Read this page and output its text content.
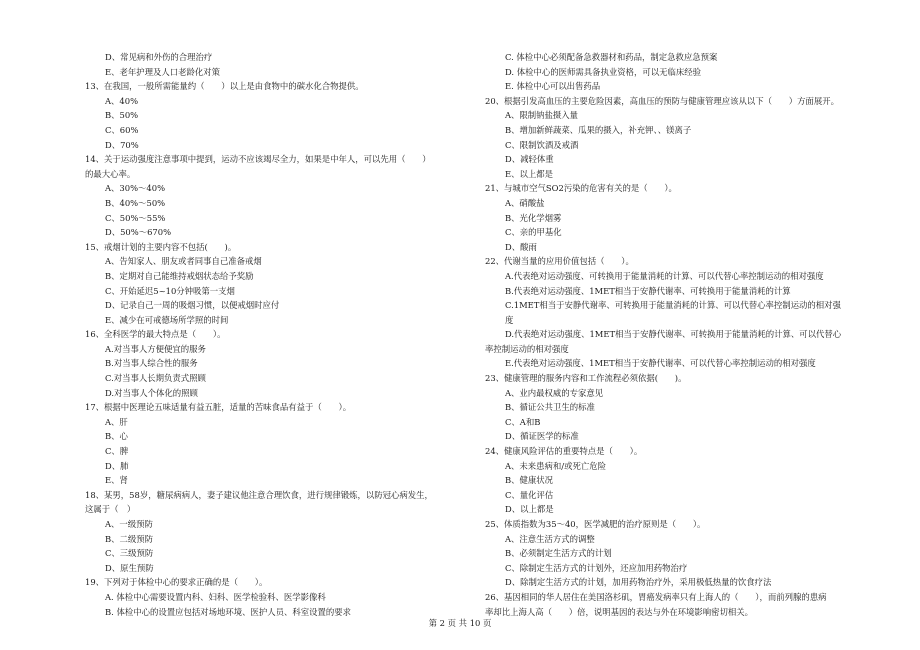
D、常见病和外伤的合理治疗
E、老年护理及人口老龄化对策
13、在我国，一般所需能量约（　　）以上是由食物中的碳水化合物提供。
A、40%
B、50%
C、60%
D、70%
14、关于运动强度注意事项中提到，运动不应该竭尽全力，如果是中年人，可以先用（　　）
的最大心率。
A、30%～40%
B、40%～50%
C、50%～55%
D、50%～670%
15、戒烟计划的主要内容不包括(　　)。
A、告知家人、朋友或者同事自己准备戒烟
B、定期对自己能维持戒烟状态给予奖励
C、开始延迟5~10分钟吸第一支烟
D、记录自己一周的吸烟习惯，以便戒烟时应付
E、减少在可戒德场所学照的时间
16、全科医学的最大特点是（　　）。
A.对当事人方便便宜的服务
B.对当事人综合性的服务
C.对当事人长期负责式照顾
D.对当事人个体化的照顾
17、根据中医理论五味适量有益五脏，适量的苦味食品有益于（　　）。
A、肝
B、心
C、脾
D、肺
E、肾
18、某男，58岁，糖尿病病人，妻子建议他注意合理饮食，进行规律锻炼，以防冠心病发生，
这属于（　）
A、一级预防
B、二级预防
C、三级预防
D、原生预防
19、下列对于体检中心的要求正确的是（　　）。
A. 体检中心需要设置内科、妇科、医学检验科、医学影像科
B. 体检中心的设置应包括对场地环境、医护人员、科室设置的要求
C. 体检中心必须配备急救器材和药品，制定急救应急预案
D. 体检中心的医师需具备执业资格，可以无临床经验
E. 体检中心可以出售药品
20、根据引发高血压的主要危险因素，高血压的预防与健康管理应该从以下（　　）方面展开。
A、限制钠盐摄入量
B、增加新鲜蔬菜、瓜果的摄入，补充钾、、镁离子
C、限制饮酒及戒酒
D、减轻体重
E、以上都是
21、与城市空气SO2污染的危害有关的是（　　）。
A、硝酸盐
B、光化学烟雾
C、亲的甲基化
D、酸雨
22、代谢当量的应用价值包括（　　）。
A.代表绝对运动强度、可转换用于能量消耗的计算、可以代替心率控制运动的相对强度
B.代表绝对运动强度、1MET相当于安静代谢率、可转换用于能量消耗的计算
C.1MET相当于安静代谢率、可转换用于能量消耗的计算、可以代替心率控制运动的相对强
度
D.代表绝对运动强度、1MET相当于安静代谢率、可转换用于能量消耗的计算、可以代替心
率控制运动的相对强度
E.代表绝对运动强度、1MET相当于安静代谢率、可以代替心率控制运动的相对强度
23、健康管理的服务内容和工作流程必须依据(　　)。
A、业内最权威的专家意见
B、循证公共卫生的标准
C、A和B
D、循证医学的标准
24、健康风险评估的重要特点是（　　）。
A、未来患病和/或死亡危险
B、健康状况
C、量化评估
D、以上都是
25、体质指数为35～40，医学减肥的治疗原则是（　　）。
A、注意生活方式的调整
B、必须制定生活方式的计划
C、除制定生活方式的计划外，还应加用药物治疗
D、除制定生活方式的计划，加用药物治疗外，采用极低热量的饮食疗法
26、基因相同的华人居住在美国洛杉矶，胃癌发病率只有上海人的（　　），而前列腺的患病
率却比上海人高（　　）倍，说明基因的表达与外在环境影响密切相关。
第 2 页 共 10 页
